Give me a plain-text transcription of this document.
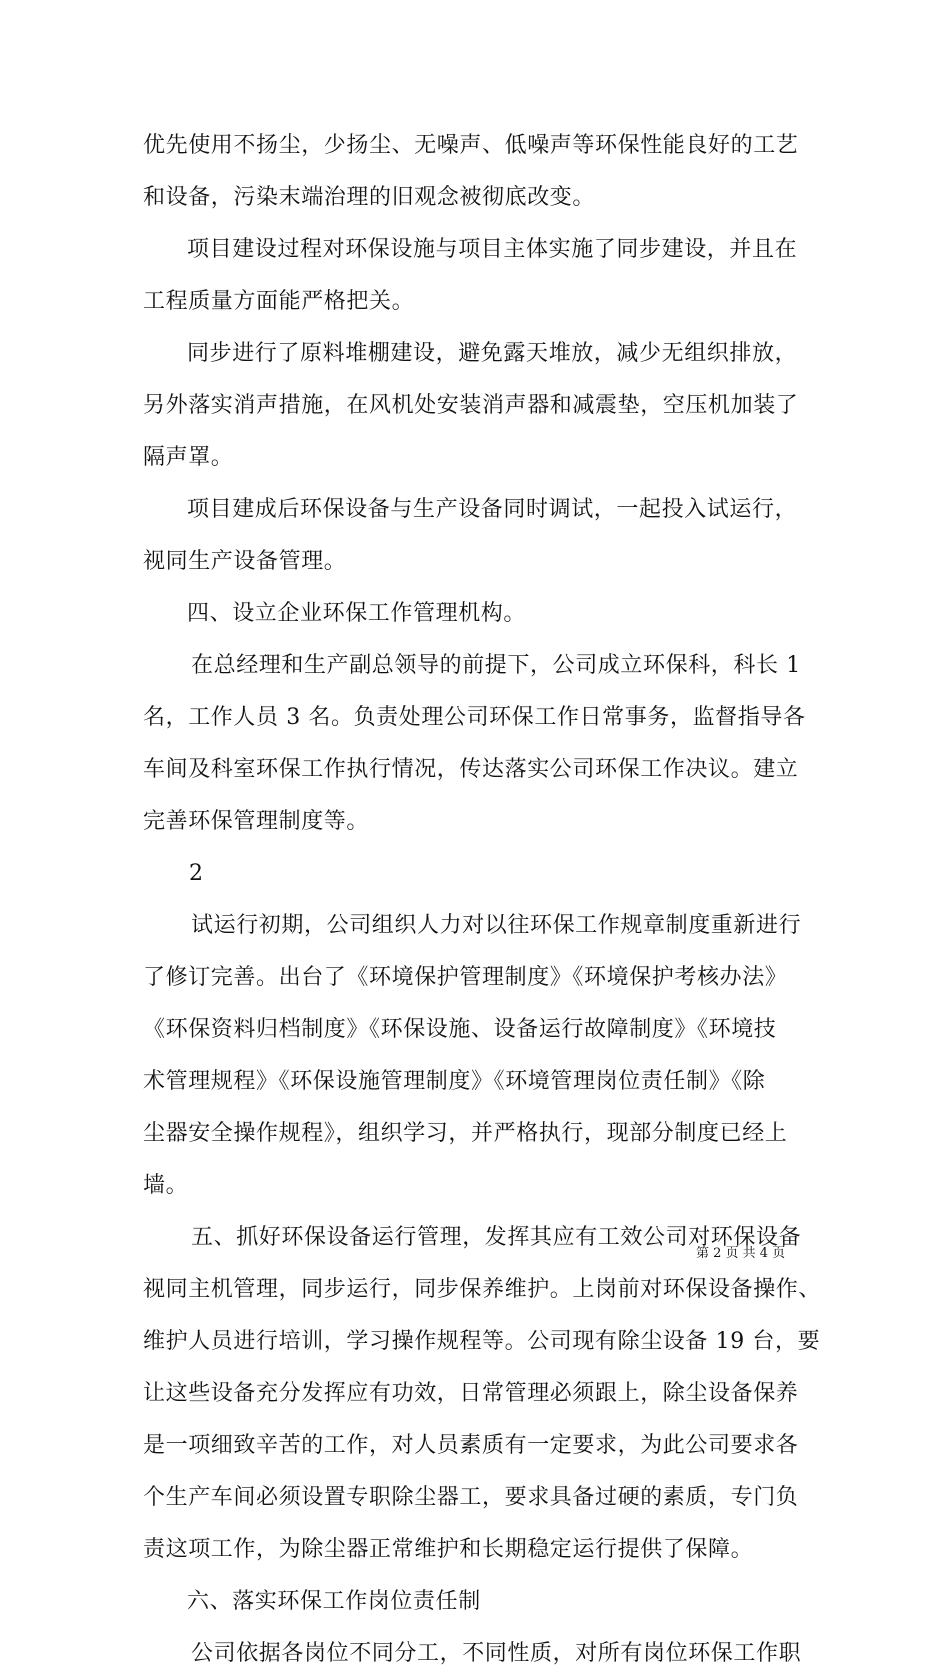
优先使用不扬尘，少扬尘、无噪声、低噪声等环保性能良好的工艺
和设备，污染末端治理的旧观念被彻底改变。
项目建设过程对环保设施与项目主体实施了同步建设，并且在
工程质量方面能严格把关。
同步进行了原料堆棚建设，避免露天堆放，减少无组织排放，
另外落实消声措施，在风机处安装消声器和减震垫，空压机加装了
隔声罩。
项目建成后环保设备与生产设备同时调试，一起投入试运行，
视同生产设备管理。
四、设立企业环保工作管理机构。
在总经理和生产副总领导的前提下，公司成立环保科，科长 1
名，工作人员 3 名。负责处理公司环保工作日常事务，监督指导各
车间及科室环保工作执行情况，传达落实公司环保工作决议。建立
完善环保管理制度等。
2
试运行初期，公司组织人力对以往环保工作规章制度重新进行
了修订完善。出台了《环境保护管理制度》《环境保护考核办法》
《环保资料归档制度》《环保设施、设备运行故障制度》《环境技
术管理规程》《环保设施管理制度》《环境管理岗位责任制》《除
尘器安全操作规程》，组织学习，并严格执行，现部分制度已经上
墙。
五、抓好环保设备运行管理，发挥其应有工效公司对环保设备
视同主机管理，同步运行，同步保养维护。上岗前对环保设备操作、
维护人员进行培训，学习操作规程等。公司现有除尘设备 19 台，要
让这些设备充分发挥应有功效，日常管理必须跟上，除尘设备保养
是一项细致辛苦的工作，对人员素质有一定要求，为此公司要求各
个生产车间必须设置专职除尘器工，要求具备过硬的素质，专门负
责这项工作，为除尘器正常维护和长期稳定运行提供了保障。
六、落实环保工作岗位责任制
公司依据各岗位不同分工，不同性质，对所有岗位环保工作职
第 2 页 共 4 页
